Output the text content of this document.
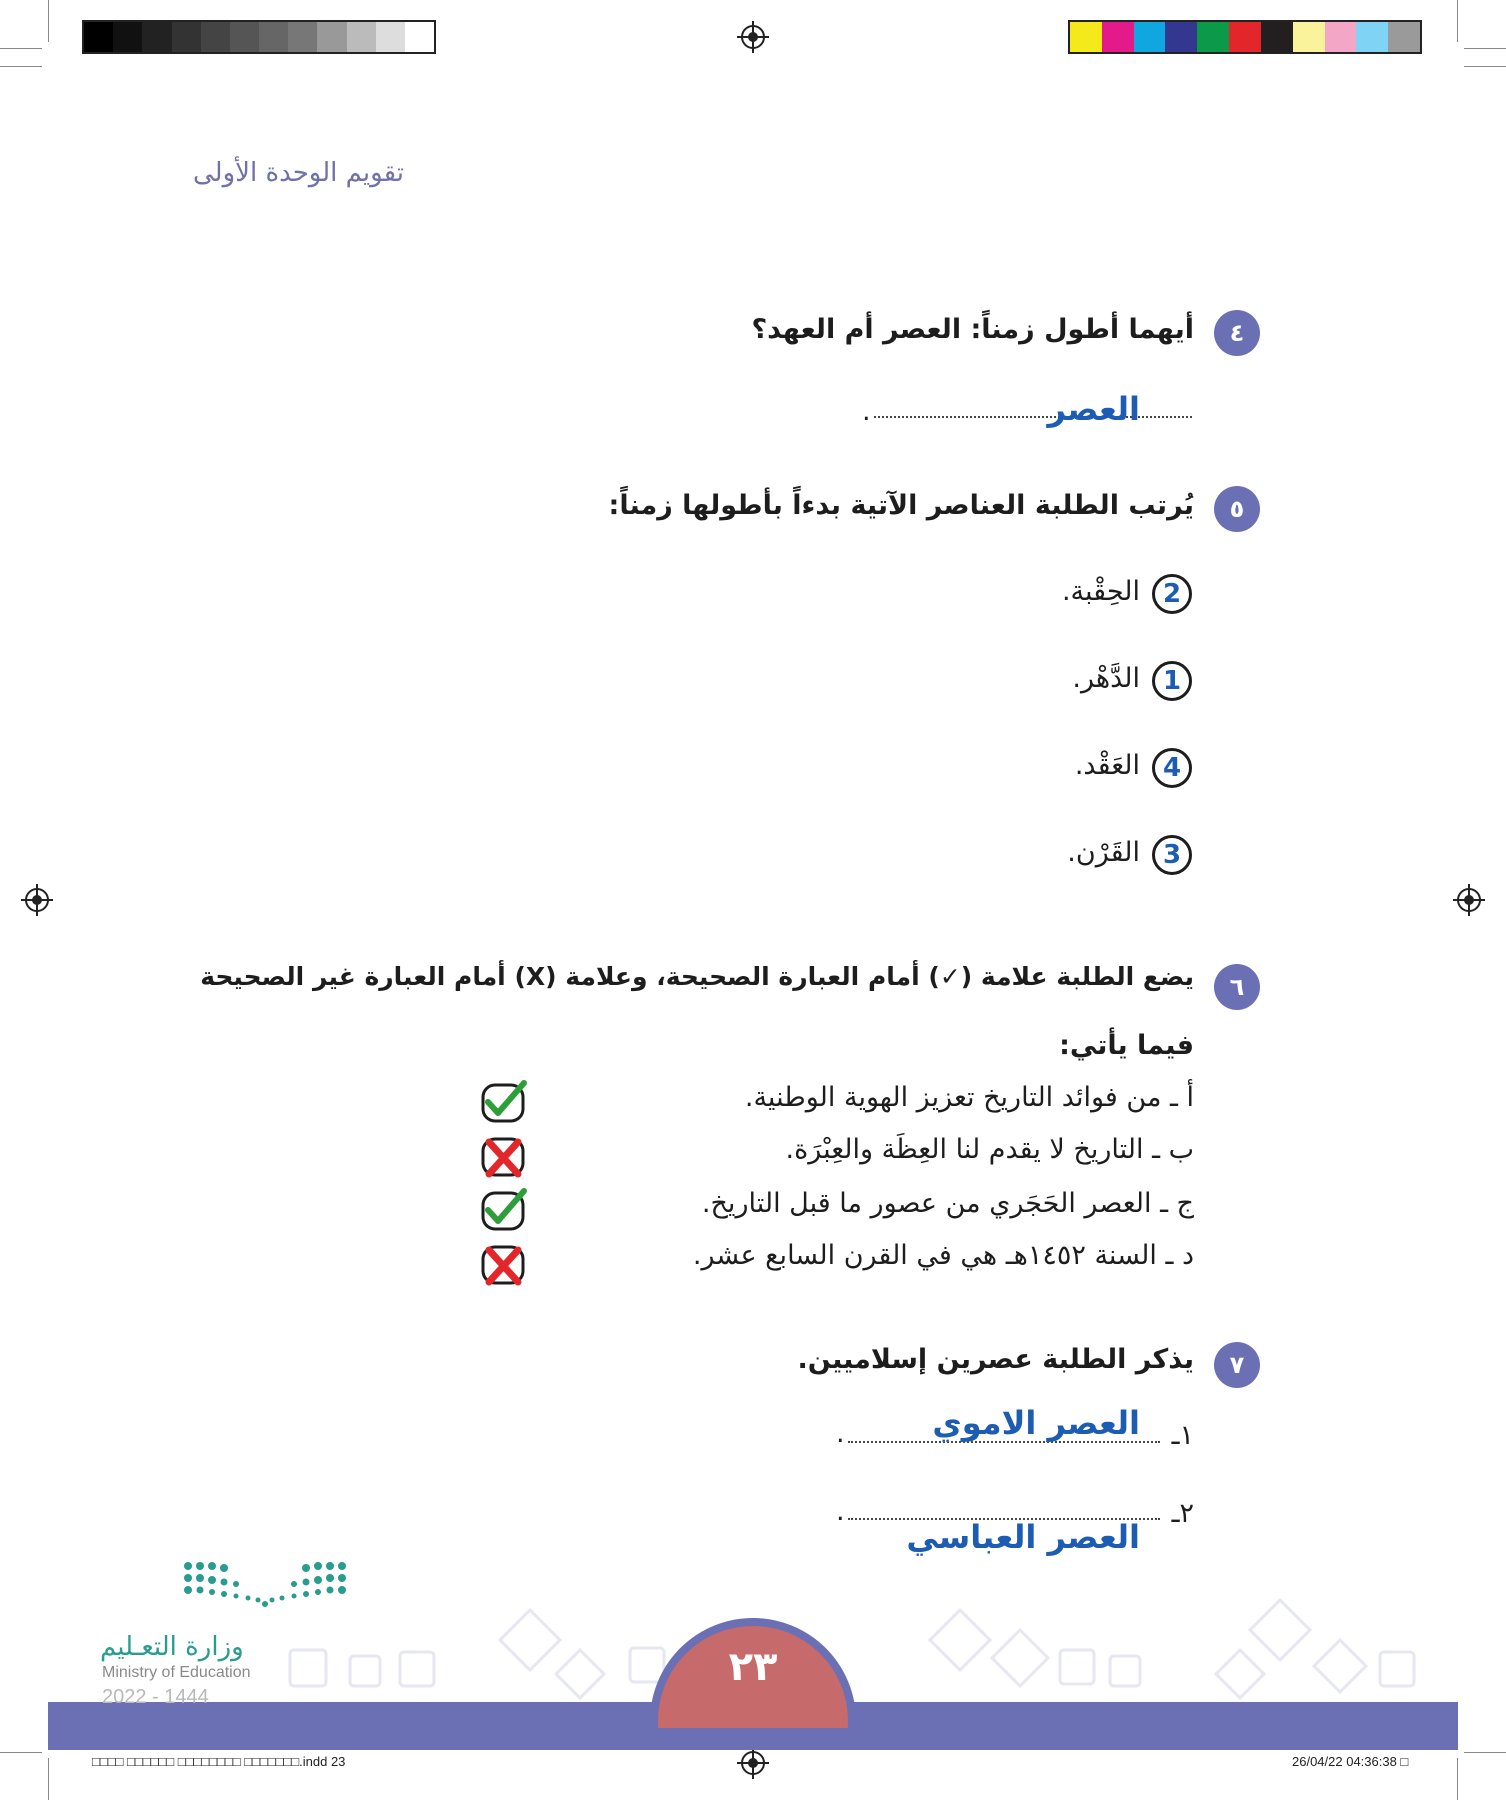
تقويم الوحدة الأولى
٤
أيهما أطول زمناً: العصر أم العهد؟
العصر
.
٥
يُرتب الطلبة العناصر الآتية بدءاً بأطولها زمناً:
2
الحِقْبة.
1
الدَّهْر.
4
العَقْد.
3
القَرْن.
٦
يضع الطلبة علامة (✓) أمام العبارة الصحيحة، وعلامة (X) أمام العبارة غير الصحيحة
فيما يأتي:
أ ـ من فوائد التاريخ تعزيز الهوية الوطنية.
ب ـ التاريخ لا يقدم لنا العِظَة والعِبْرَة.
ج ـ العصر الحَجَري من عصور ما قبل التاريخ.
د ـ السنة ١٤٥٢هـ هي في القرن السابع عشر.
٧
يذكر الطلبة عصرين إسلاميين.
١ـ
.	العصر الاموي
٢ـ
.
العصر العباسي
٢٣
وزارة التعـليم
Ministry of Education
2022 - 1444
□□□□ □□□□□□ □□□□□□□□ □□□□□□□.indd 23	26/04/22 04:36:38 □
